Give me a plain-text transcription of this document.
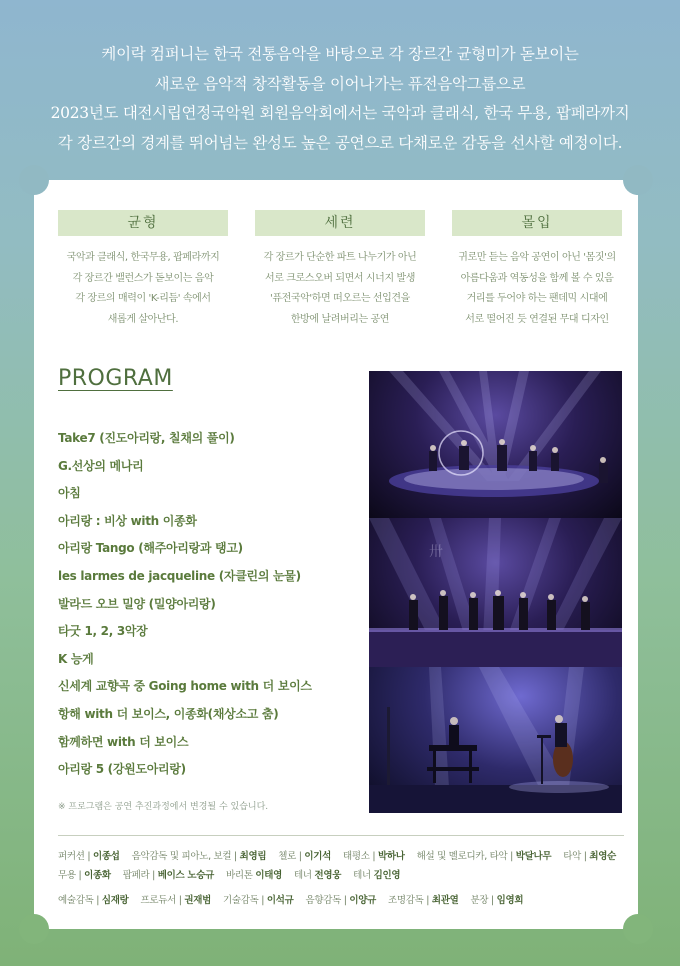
케이락 컴퍼니는 한국 전통음악을 바탕으로 각 장르간 균형미가 돋보이는
새로운 음악적 창작활동을 이어나가는 퓨전음악그룹으로
2023년도 대전시립연정국악원 회원음악회에서는 국악과 클래식, 한국 무용, 팝페라까지
각 장르간의 경계를 뛰어넘는 완성도 높은 공연으로 다채로운 감동을 선사할 예정이다.
균형
국악과 클래식, 한국무용, 팝페라까지
각 장르간 밸런스가 돋보이는 음악
각 장르의 매력이 'K-리듬' 속에서
새롭게 살아난다.
세련
각 장르가 단순한 파트 나누기가 아닌
서로 크로스오버 되면서 시너지 발생
'퓨전국악'하면 떠오르는 선입견을
한방에 날려버리는 공연
몰입
귀로만 듣는 음악 공연이 아닌 '몸짓'의
아름다움과 역동성을 함께 볼 수 있음
거리를 두어야 하는 팬데믹 시대에
서로 떨어진 듯 연결된 무대 디자인
PROGRAM
Take7 (진도아리랑, 칠채의 풀이)
G.선상의 메나리
아침
아리랑 : 비상 with 이종화
아리랑 Tango (해주아리랑과 탱고)
les larmes de jacqueline (자클린의 눈물)
발라드 오브 밀양 (밀양아리랑)
타굿 1, 2, 3악장
K 능게
신세계 교향곡 중 Going home with 더 보이스
항해 with 더 보이스, 이종화(채상소고 춤)
함께하면 with 더 보이스
아리랑 5 (강원도아리랑)
※ 프로그램은 공연 추진과정에서 변경될 수 있습니다.
卅
퍼커션 | 이종섭 음악감독 및 피아노, 보컬 | 최영림 첼로 | 이기석 태평소 | 박하나 해설 및 멜로디카, 타악 | 박달나무 타악 | 최영순
무용 | 이종화 팝페라 | 베이스 노승규 바리톤 이태영 테너 전영웅 테너 김인영
예술감독 | 심재랑 프로듀서 | 권재범 기술감독 | 이석규 음향감독 | 이양규 조명감독 | 최관열 분장 | 임영희
